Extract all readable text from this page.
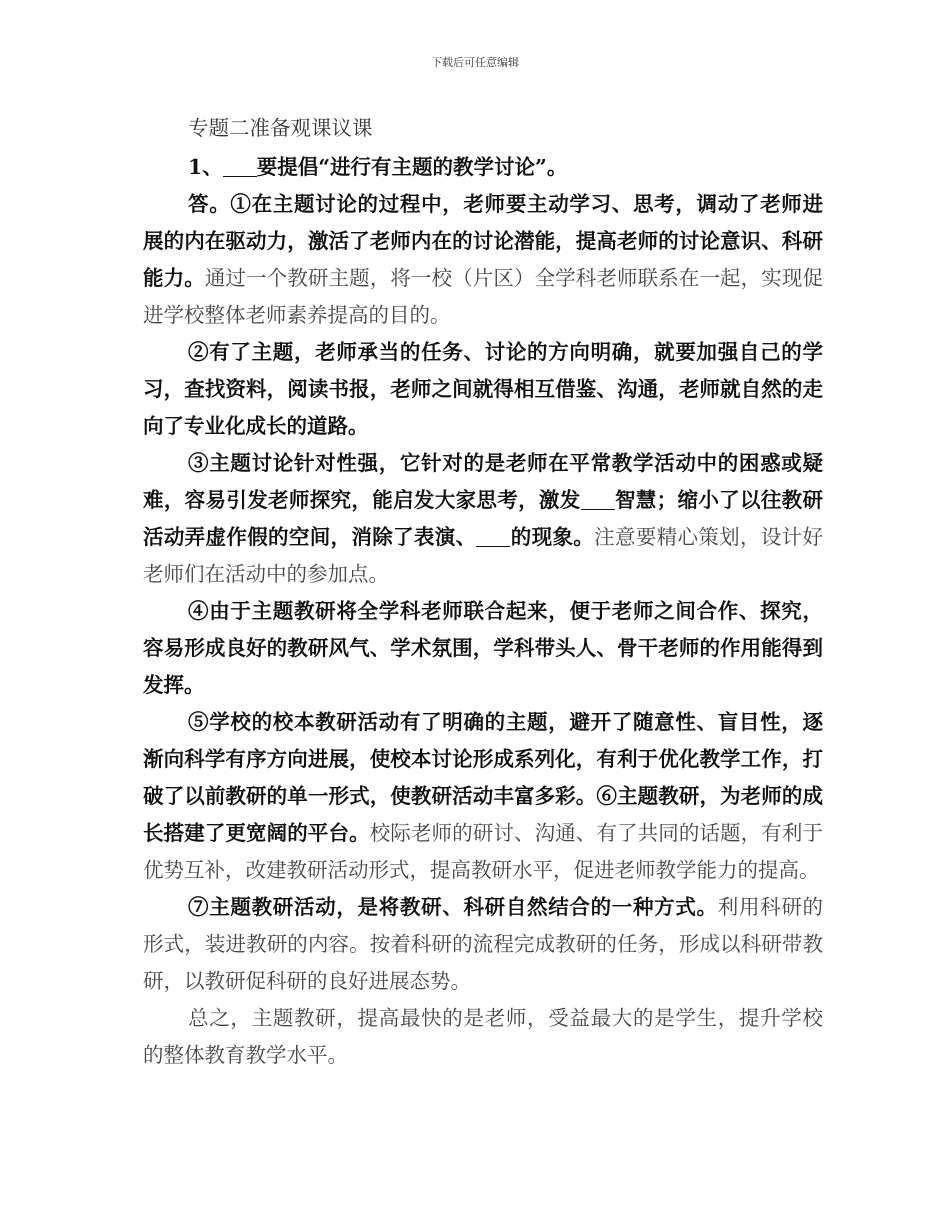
下载后可任意编辑

专题二准备观课议课

1、 要提倡“进行有主题的教学讨论”。

答。①在主题讨论的过程中，老师要主动学习、思考，调动了老师进展的内在驱动力，激活了老师内在的讨论潜能，提高老师的讨论意识、科研能力。通过一个教研主题，将一校（片区）全学科老师联系在一起，实现促进学校整体老师素养提高的目的。

②有了主题，老师承当的任务、讨论的方向明确，就要加强自己的学习，查找资料，阅读书报，老师之间就得相互借鉴、沟通，老师就自然的走向了专业化成长的道路。

③主题讨论针对性强，它针对的是老师在平常教学活动中的困惑或疑难，容易引发老师探究，能启发大家思考，激发 智慧；缩小了以往教研活动弄虚作假的空间，消除了表演、 的现象。注意要精心策划，设计好老师们在活动中的参加点。

④由于主题教研将全学科老师联合起来，便于老师之间合作、探究，容易形成良好的教研风气、学术氛围，学科带头人、骨干老师的作用能得到发挥。

⑤学校的校本教研活动有了明确的主题，避开了随意性、盲目性，逐渐向科学有序方向进展，使校本讨论形成系列化，有利于优化教学工作，打破了以前教研的单一形式，使教研活动丰富多彩。⑥主题教研，为老师的成长搭建了更宽阔的平台。校际老师的研讨、沟通、有了共同的话题，有利于优势互补，改建教研活动形式，提高教研水平，促进老师教学能力的提高。

⑦主题教研活动，是将教研、科研自然结合的一种方式。利用科研的形式，装进教研的内容。按着科研的流程完成教研的任务，形成以科研带教研，以教研促科研的良好进展态势。

总之，主题教研，提高最快的是老师，受益最大的是学生，提升学校的整体教育教学水平。
